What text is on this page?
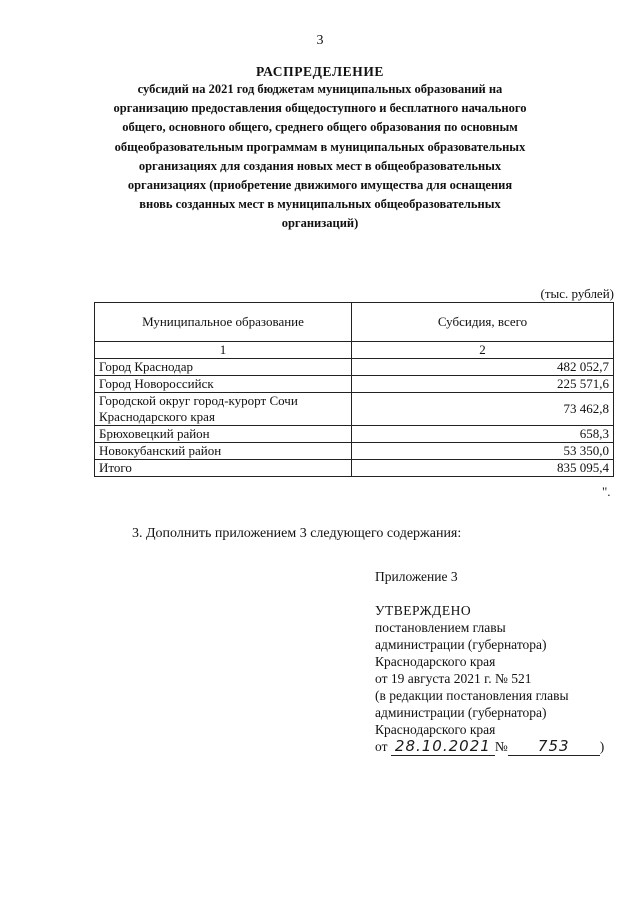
3
РАСПРЕДЕЛЕНИЕ
субсидий на 2021 год бюджетам муниципальных образований на организацию предоставления общедоступного и бесплатного начального общего, основного общего, среднего общего образования по основным общеобразовательным программам в муниципальных образовательных организациях для создания новых мест в общеобразовательных организациях (приобретение движимого имущества для оснащения вновь созданных мест в муниципальных общеобразовательных организаций)
(тыс. рублей)
Муниципальное образование	Субсидия, всего
1	2
Город Краснодар	482 052,7
Город Новороссийск	225 571,6
Городской округ город-курорт Сочи Краснодарского края	73 462,8
Брюховецкий район	658,3
Новокубанский район	53 350,0
Итого	835 095,4
".
3. Дополнить приложением 3 следующего содержания:
Приложение 3
УТВЕРЖДЕНО
постановлением главы
администрации (губернатора)
Краснодарского края
от 19 августа 2021 г. № 521
(в редакции постановления главы
администрации (губернатора)
Краснодарского края
от 28.10.2021 № 753 )
